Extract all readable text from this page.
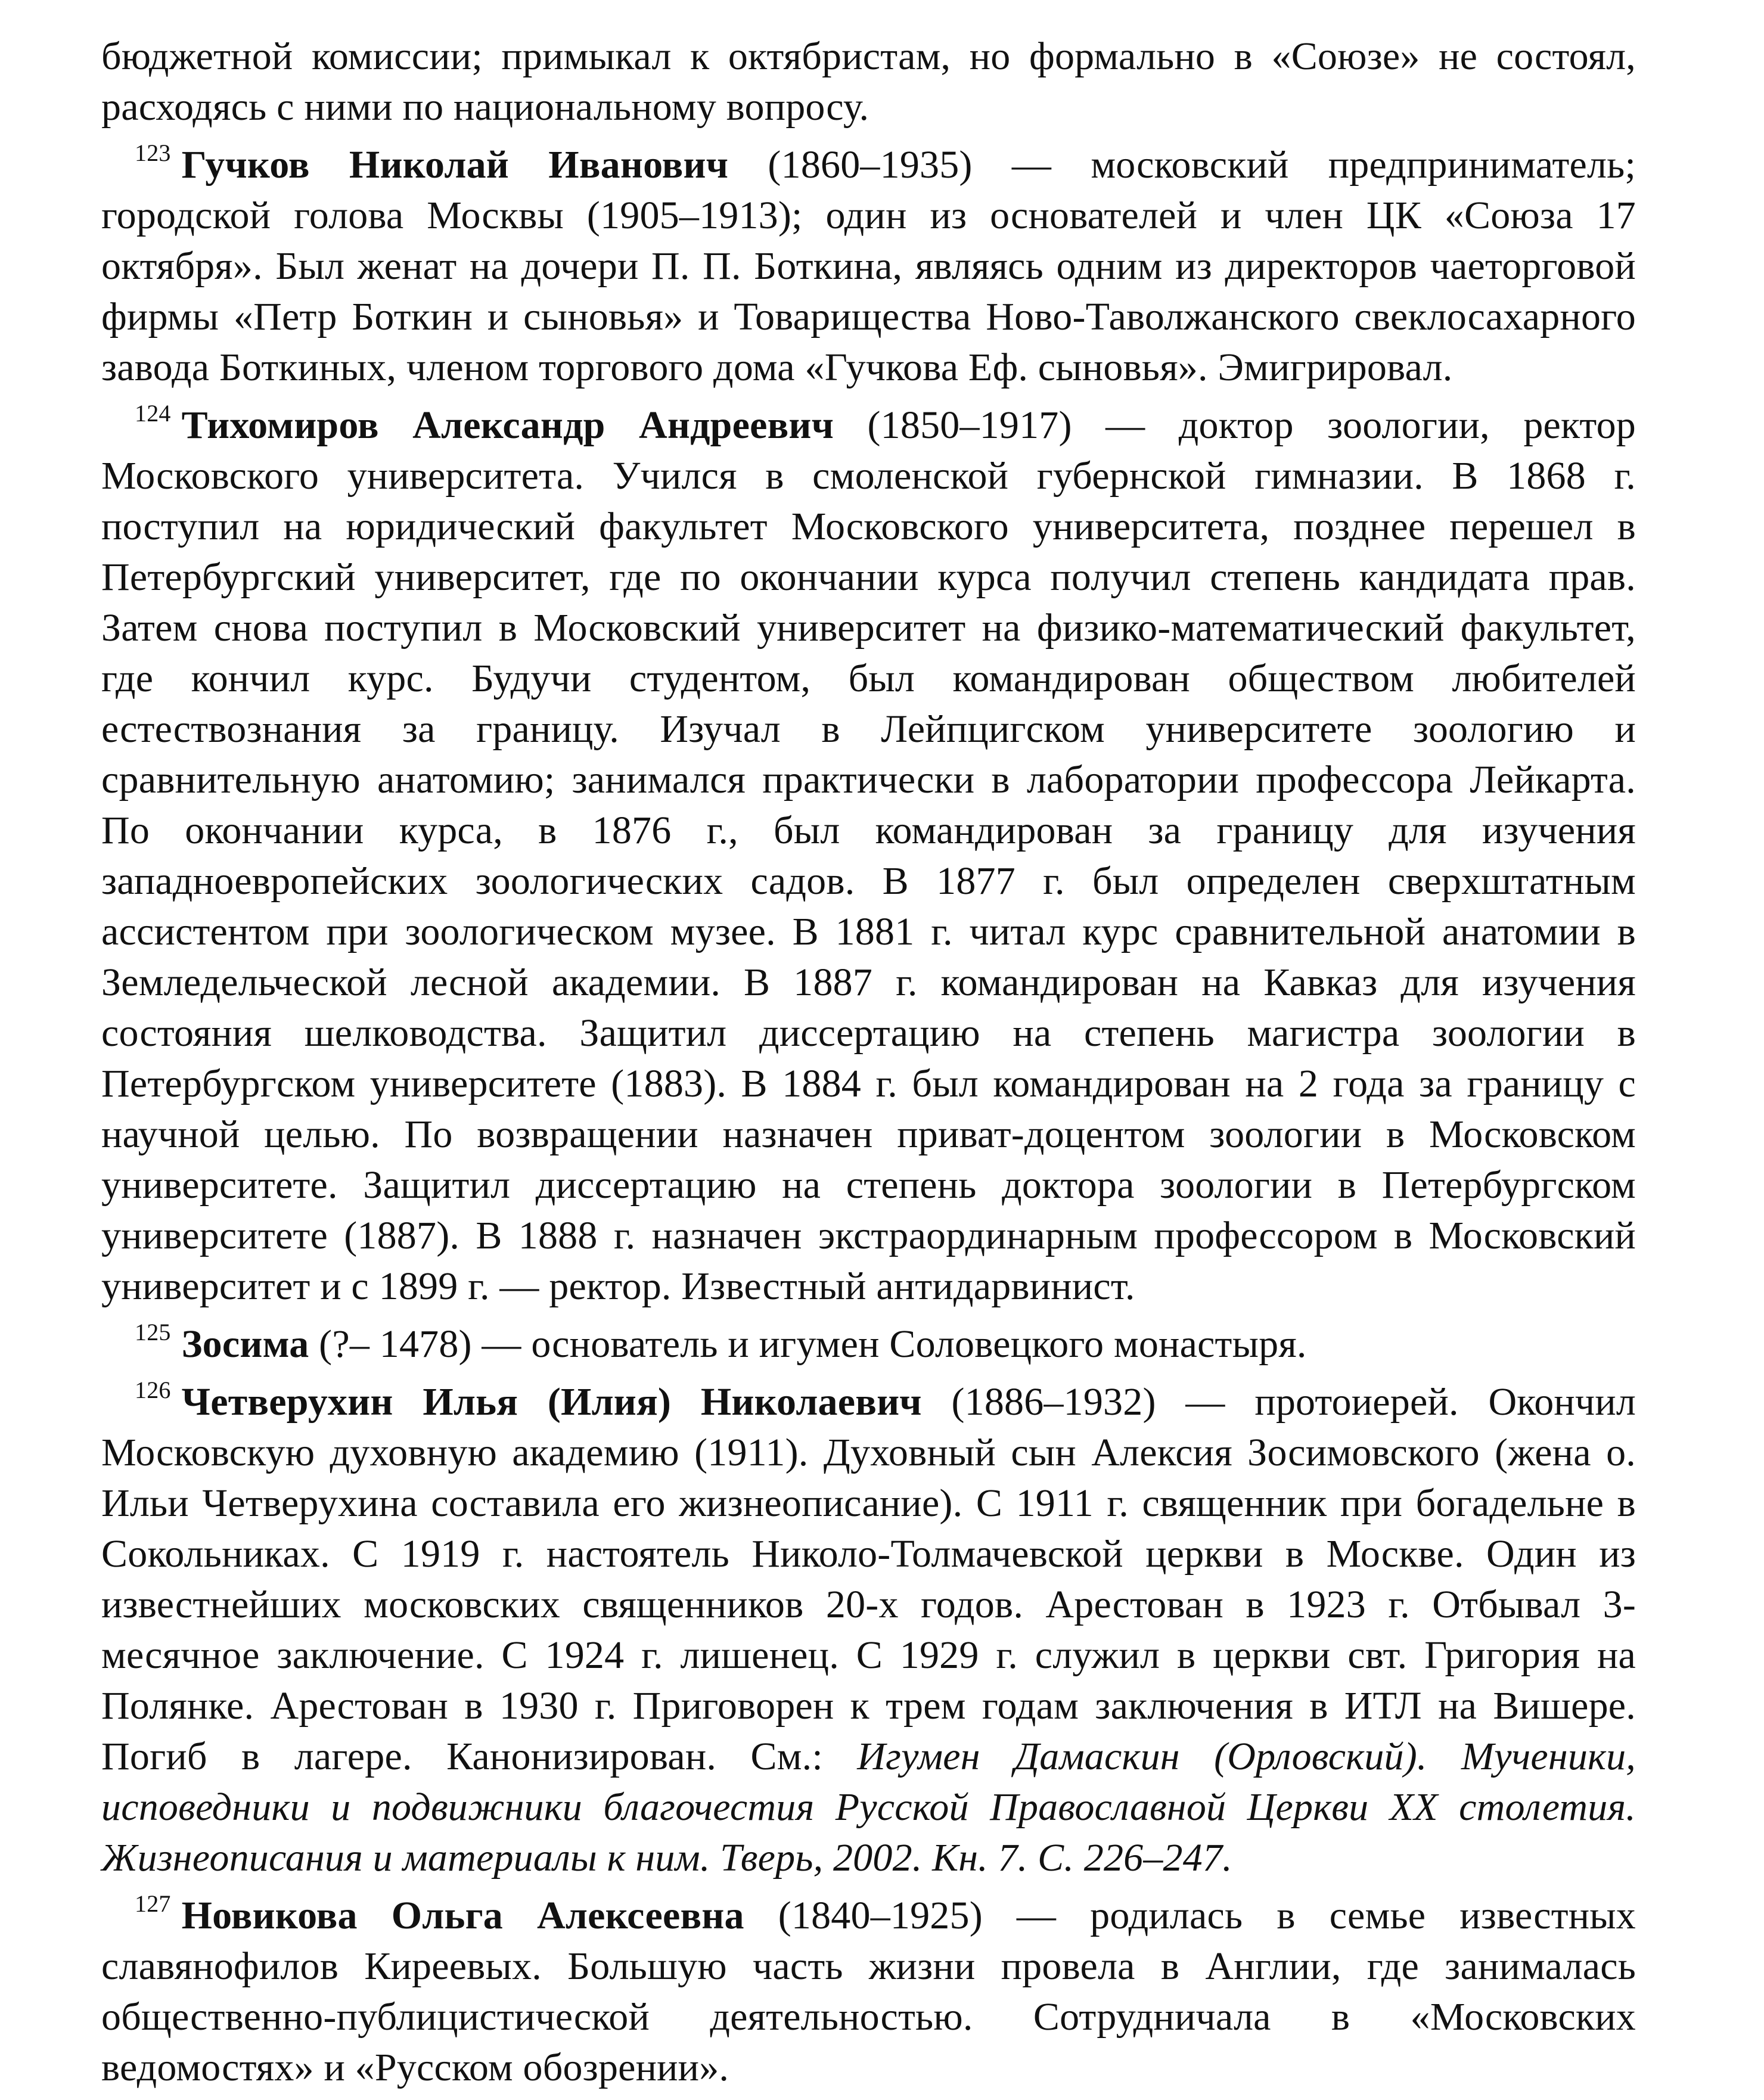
бюджетной комиссии; примыкал к октябристам, но формально в «Союзе» не состоял, расходясь с ними по национальному вопросу.

$^{123}$ Гучков Николай Иванович (1860–1935) — московский предприниматель; городской голова Москвы (1905–1913); один из основателей и член ЦК «Союза 17 октября». Был женат на дочери П. П. Боткина, являясь одним из директоров чаеторговой фирмы «Петр Боткин и сыновья» и Товарищества Ново-Таволжанского свеклосахарного завода Боткиных, членом торгового дома «Гучкова Еф. сыновья». Эмигрировал.

$^{124}$ Тихомиров Александр Андреевич (1850–1917) — доктор зоологии, ректор Московского университета. Учился в смоленской губернской гимназии. В 1868 г. поступил на юридический факультет Московского университета, позднее перешел в Петербургский университет, где по окончании курса получил степень кандидата прав. Затем снова поступил в Московский университет на физико-математический факультет, где кончил курс. Будучи студентом, был командирован обществом любителей естествознания за границу. Изучал в Лейпцигском университете зоологию и сравнительную анатомию; занимался практически в лаборатории профессора Лейкарта. По окончании курса, в 1876 г., был командирован за границу для изучения западноевропейских зоологических садов. В 1877 г. был определен сверхштатным ассистентом при зоологическом музее. В 1881 г. читал курс сравнительной анатомии в Земледельческой лесной академии. В 1887 г. командирован на Кавказ для изучения состояния шелководства. Защитил диссертацию на степень магистра зоологии в Петербургском университете (1883). В 1884 г. был командирован на 2 года за границу с научной целью. По возвращении назначен приват-доцентом зоологии в Московском университете. Защитил диссертацию на степень доктора зоологии в Петербургском университете (1887). В 1888 г. назначен экстраординарным профессором в Московский университет и с 1899 г. — ректор. Известный антидарвинист.

$^{125}$ Зосима (?– 1478) — основатель и игумен Соловецкого монастыря.

$^{126}$ Четверухин Илья (Илия) Николаевич (1886–1932) — протоиерей. Окончил Московскую духовную академию (1911). Духовный сын Алексия Зосимовского (жена о. Ильи Четверухина составила его жизнеописание). С 1911 г. священник при богадельне в Сокольниках. С 1919 г. настоятель Николо-Толмачевской церкви в Москве. Один из известнейших московских священников 20-х годов. Арестован в 1923 г. Отбывал 3-месячное заключение. С 1924 г. лишенец. С 1929 г. служил в церкви свт. Григория на Полянке. Арестован в 1930 г. Приговорен к трем годам заключения в ИТЛ на Вишере. Погиб в лагере. Канонизирован. См.: Игумен Дамаскин (Орловский). Мученики, исповедники и подвижники благочестия Русской Православной Церкви XX столетия. Жизнеописания и материалы к ним. Тверь, 2002. Кн. 7. С. 226–247.

$^{127}$ Новикова Ольга Алексеевна (1840–1925) — родилась в семье известных славянофилов Киреевых. Большую часть жизни провела в Англии, где занималась общественно-публицистической деятельностью. Сотрудничала в «Московских ведомостях» и «Русском обозрении».
